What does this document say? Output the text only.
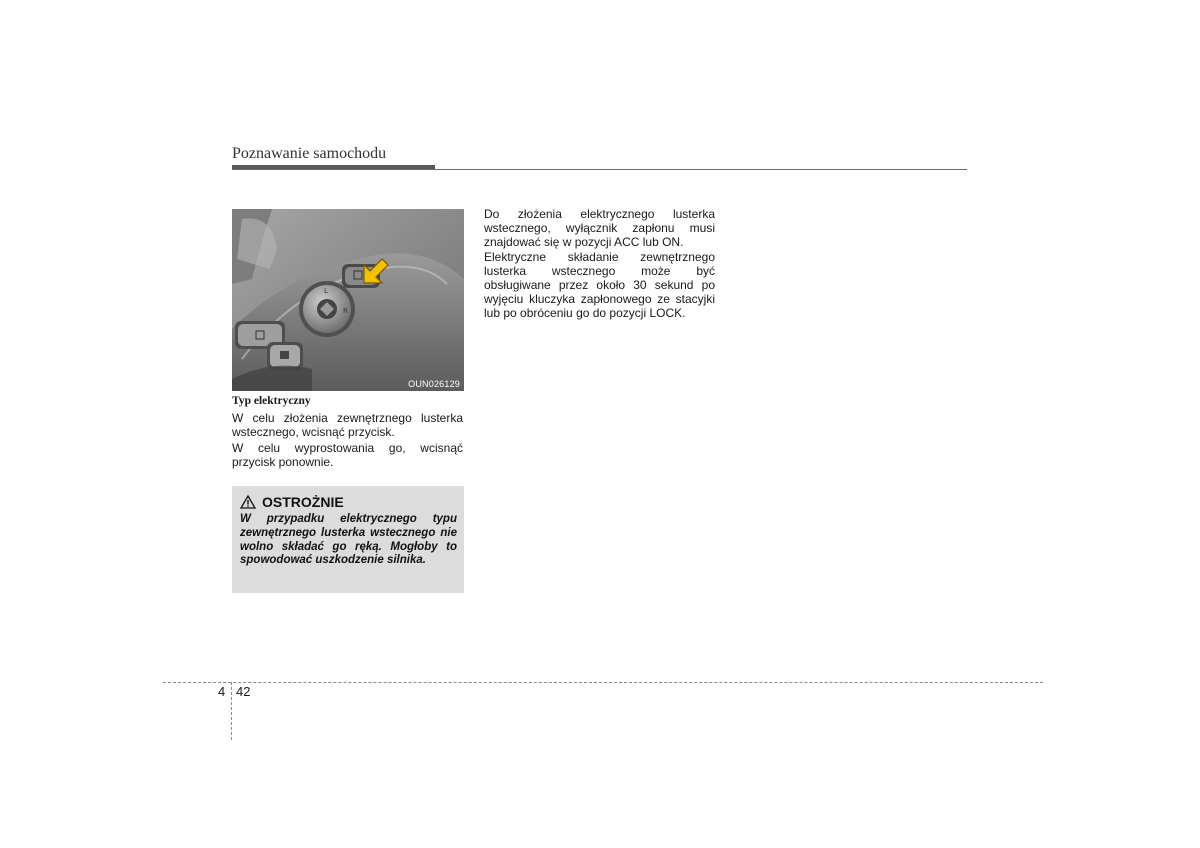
Poznawanie samochodu
L
R
OUN026129
Typ elektryczny
W celu złożenia zewnętrznego lusterka wstecznego, wcisnąć przycisk.
W celu wyprostowania go, wcisnąć przycisk ponownie.
OSTROŻNIE
W przypadku elektrycznego typu zewnętrznego lusterka wstecznego nie wolno składać go ręką. Mogłoby to spowodować uszkodzenie silnika.
Do złożenia elektrycznego lusterka wstecznego, wyłącznik zapłonu musi znajdować się w pozycji ACC lub ON.
Elektryczne składanie zewnętrznego lusterka wstecznego może być obsługiwane przez około 30 sekund po wyjęciu kluczyka zapłonowego ze stacyjki lub po obróceniu go do pozycji LOCK.
4 42
